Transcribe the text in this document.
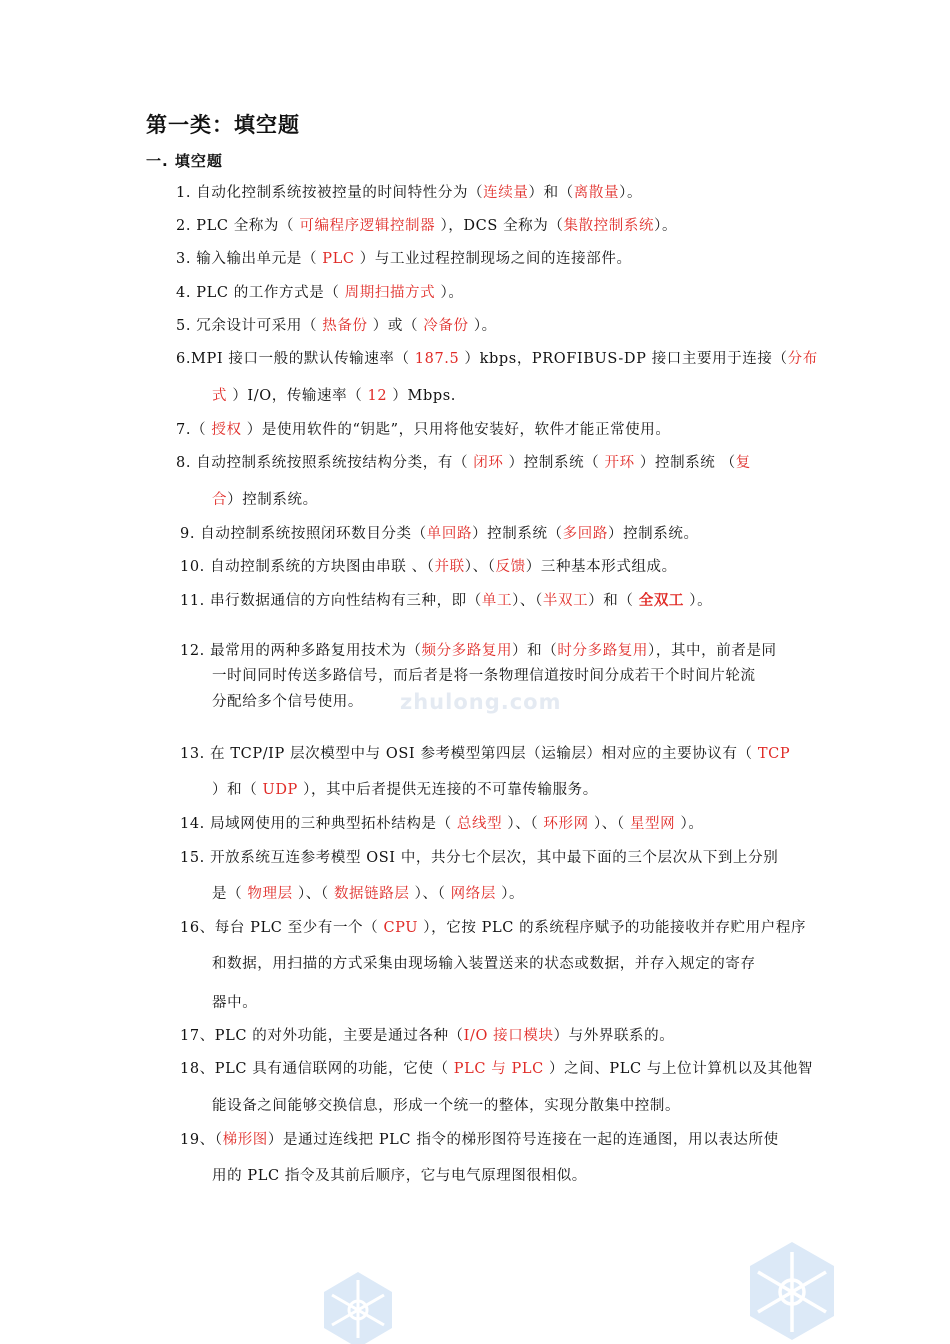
zhulong.com
第一类：填空题
一. 填空题
1. 自动化控制系统按被控量的时间特性分为（连续量）和（离散量）。
2. PLC 全称为（ 可编程序逻辑控制器 ），DCS 全称为（集散控制系统）。
3. 输入输出单元是（ PLC ）与工业过程控制现场之间的连接部件。
4. PLC 的工作方式是（ 周期扫描方式 ）。
5. 冗余设计可采用（ 热备份 ）或（ 冷备份 ）。
6.MPI 接口一般的默认传输速率（ 187.5 ）kbps，PROFIBUS-DP 接口主要用于连接（分布
式 ）I/O，传输速率（ 12 ）Mbps.
7.（ 授权 ）是使用软件的“钥匙”，只用将他安装好，软件才能正常使用。
8. 自动控制系统按照系统按结构分类，有（ 闭环 ）控制系统（ 开环 ）控制系统 （复
合）控制系统。
9. 自动控制系统按照闭环数目分类（单回路）控制系统（多回路）控制系统。
10. 自动控制系统的方块图由串联 、（并联）、（反馈）三种基本形式组成。
11. 串行数据通信的方向性结构有三种，即（单工）、（半双工）和（ 全双工 ）。
12. 最常用的两种多路复用技术为（频分多路复用）和（时分多路复用），其中，前者是同
一时间同时传送多路信号，而后者是将一条物理信道按时间分成若干个时间片轮流
分配给多个信号使用。
13. 在 TCP/IP 层次模型中与 OSI 参考模型第四层（运输层）相对应的主要协议有（ TCP
）和（ UDP ），其中后者提供无连接的不可靠传输服务。
14. 局域网使用的三种典型拓朴结构是（ 总线型 ）、（ 环形网 ）、（ 星型网 ）。
15. 开放系统互连参考模型 OSI 中，共分七个层次，其中最下面的三个层次从下到上分别
是（ 物理层 ）、（ 数据链路层 ）、（ 网络层 ）。
16、每台 PLC 至少有一个（ CPU ），它按 PLC 的系统程序赋予的功能接收并存贮用户程序
和数据，用扫描的方式采集由现场输入装置送来的状态或数据，并存入规定的寄存
器中。
17、PLC 的对外功能，主要是通过各种（I/O 接口模块）与外界联系的。
18、PLC 具有通信联网的功能，它使（ PLC 与 PLC ）之间、PLC 与上位计算机以及其他智
能设备之间能够交换信息，形成一个统一的整体，实现分散集中控制。
19、（梯形图）是通过连线把 PLC 指令的梯形图符号连接在一起的连通图，用以表达所使
用的 PLC 指令及其前后顺序，它与电气原理图很相似。
